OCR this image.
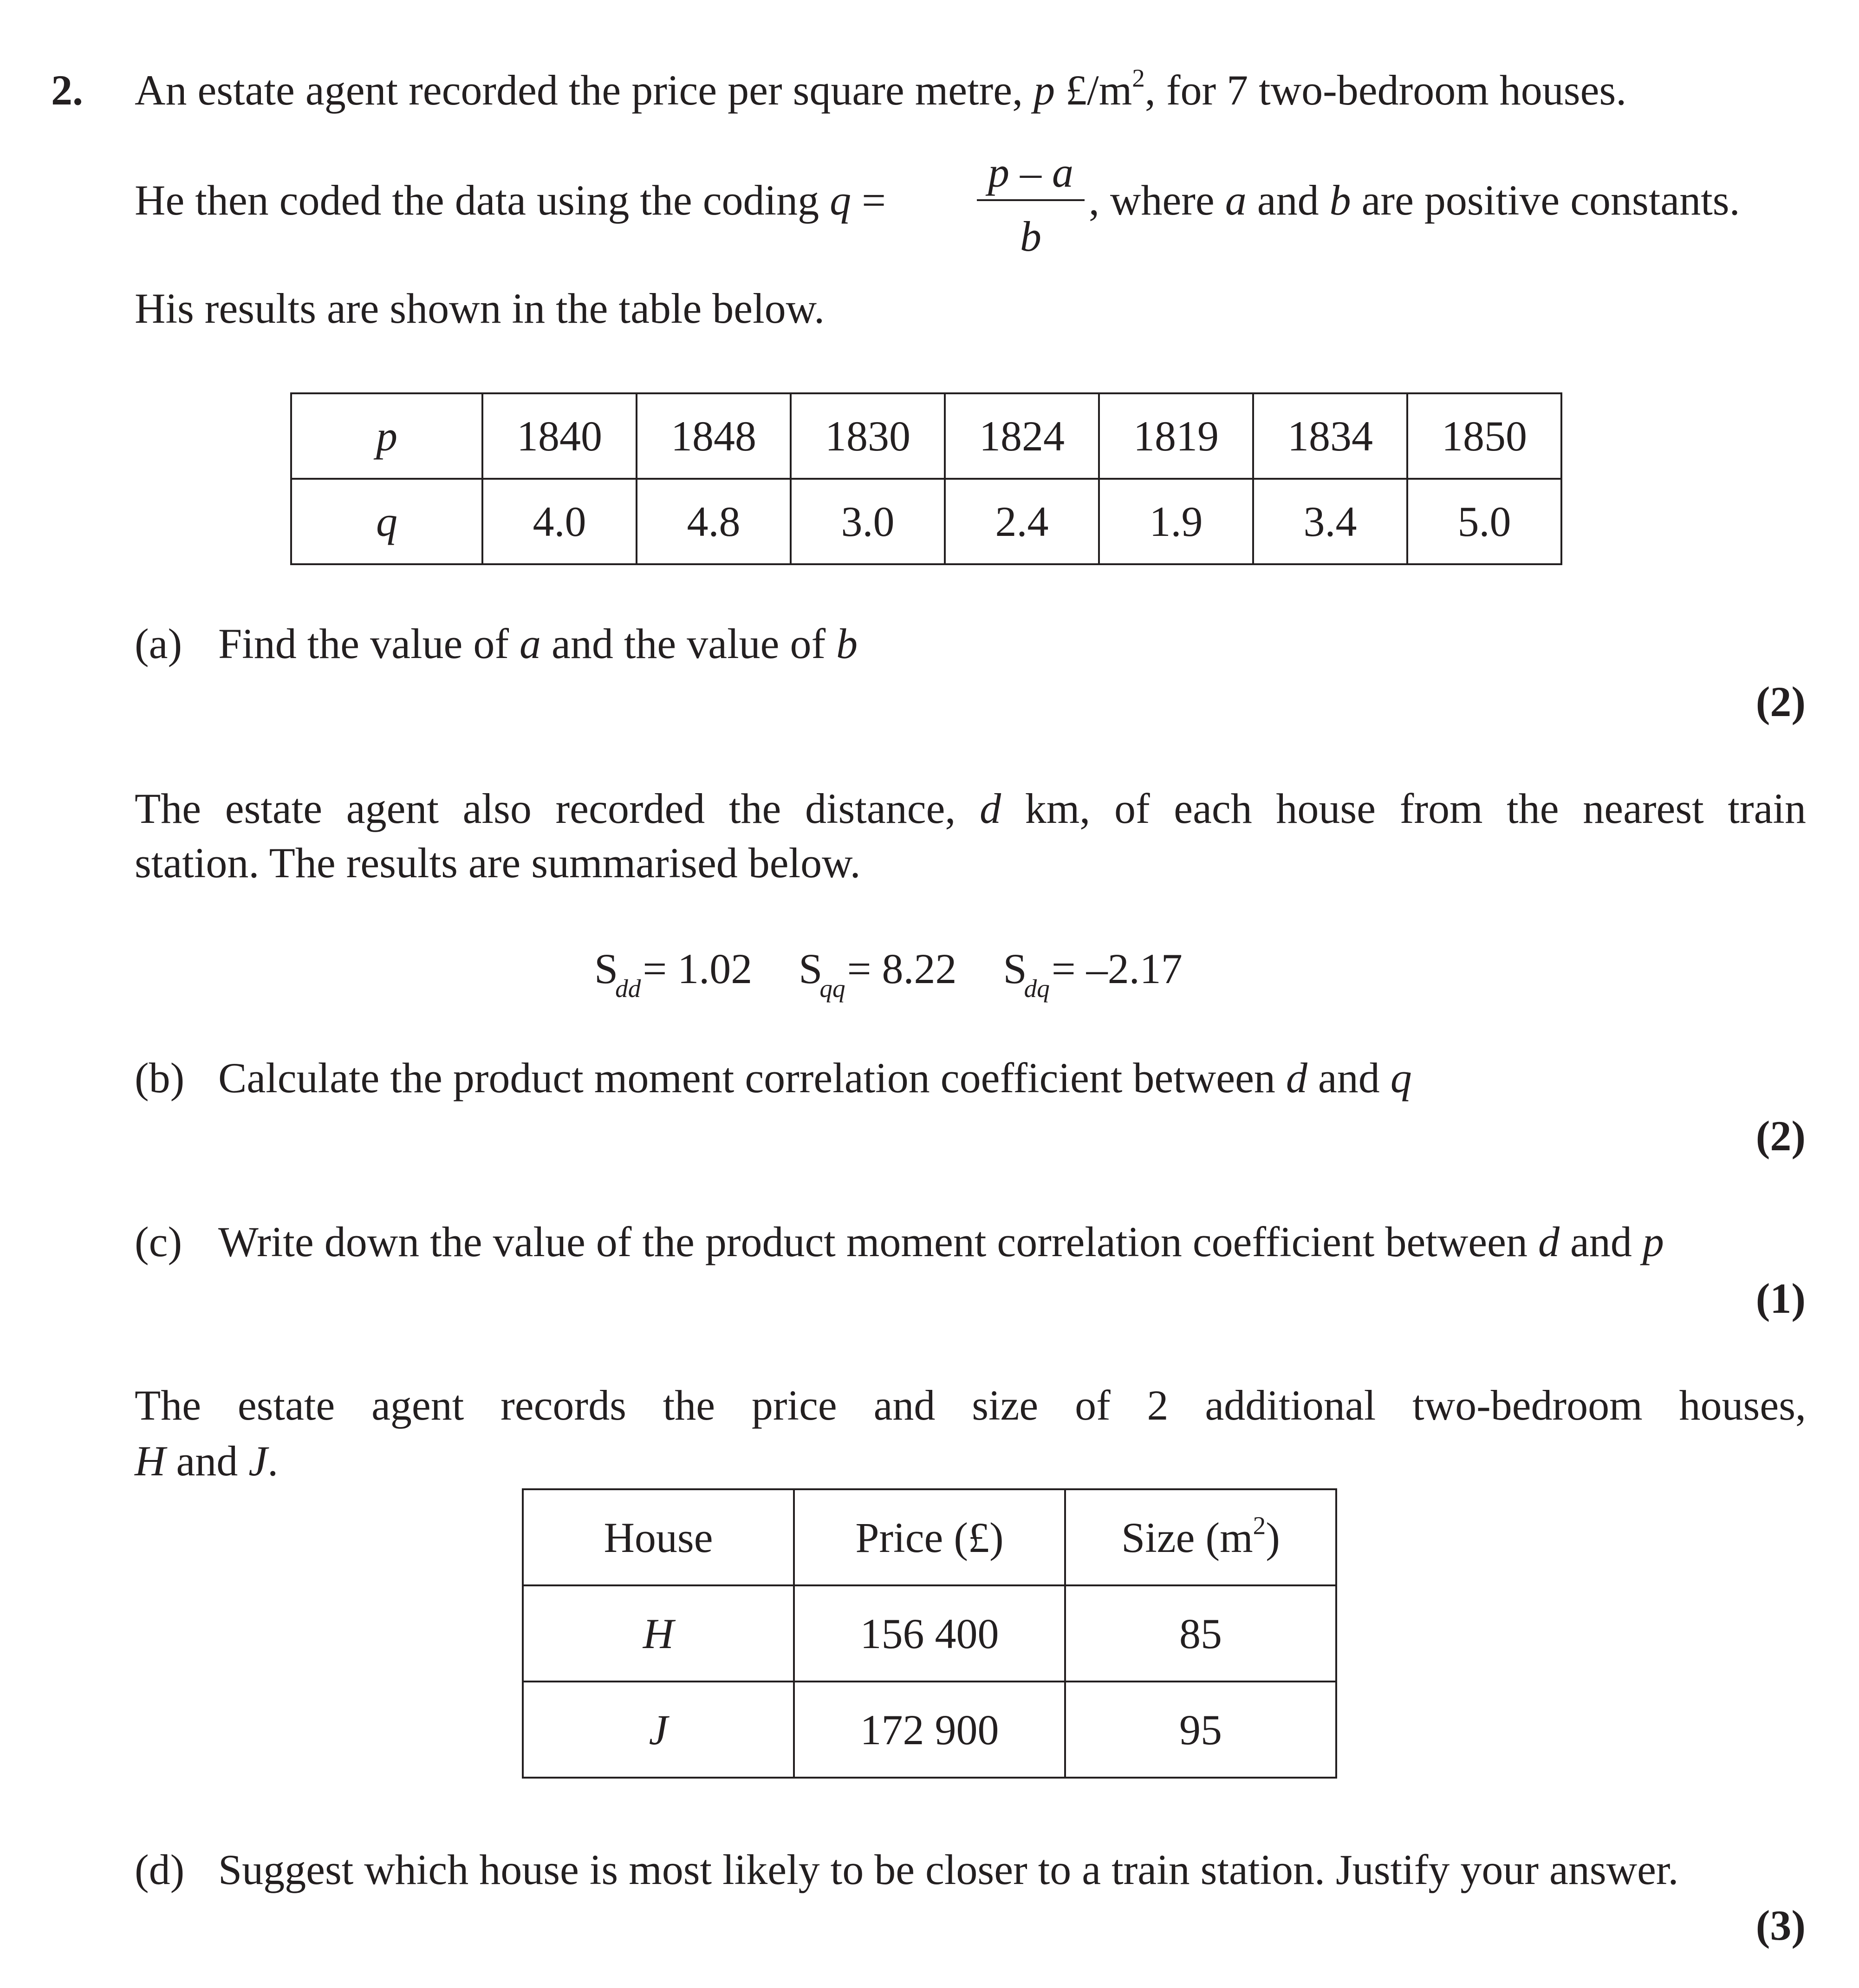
2. An estate agent recorded the price per square metre, p $£/m^2$, for 7 two-bedroom houses.
He then coded the data using the coding q =
p – a
b
, where a and b are positive constants.
His results are shown in the table below.
p	1840	1848	1830	1824	1819	1834	1850
q	4.0	4.8	3.0	2.4	1.9	3.4	5.0
(a) Find the value of a and the value of b
(2)
The estate agent also recorded the distance, d km, of each house from the nearest train
station. The results are summarised below.
$S_{dd}= 1.02$ $S_{qq}= 8.22$ $S_{dq}= -2.17$
(b) Calculate the product moment correlation coefficient between d and q
(2)
(c) Write down the value of the product moment correlation coefficient between d and p
(1)
The estate agent records the price and size of 2 additional two-bedroom houses,
H and J.
House	Price (£)	Size $(m^2)$
H	156 400	85
J	172 900	95
(d) Suggest which house is most likely to be closer to a train station. Justify your answer.
(3)
